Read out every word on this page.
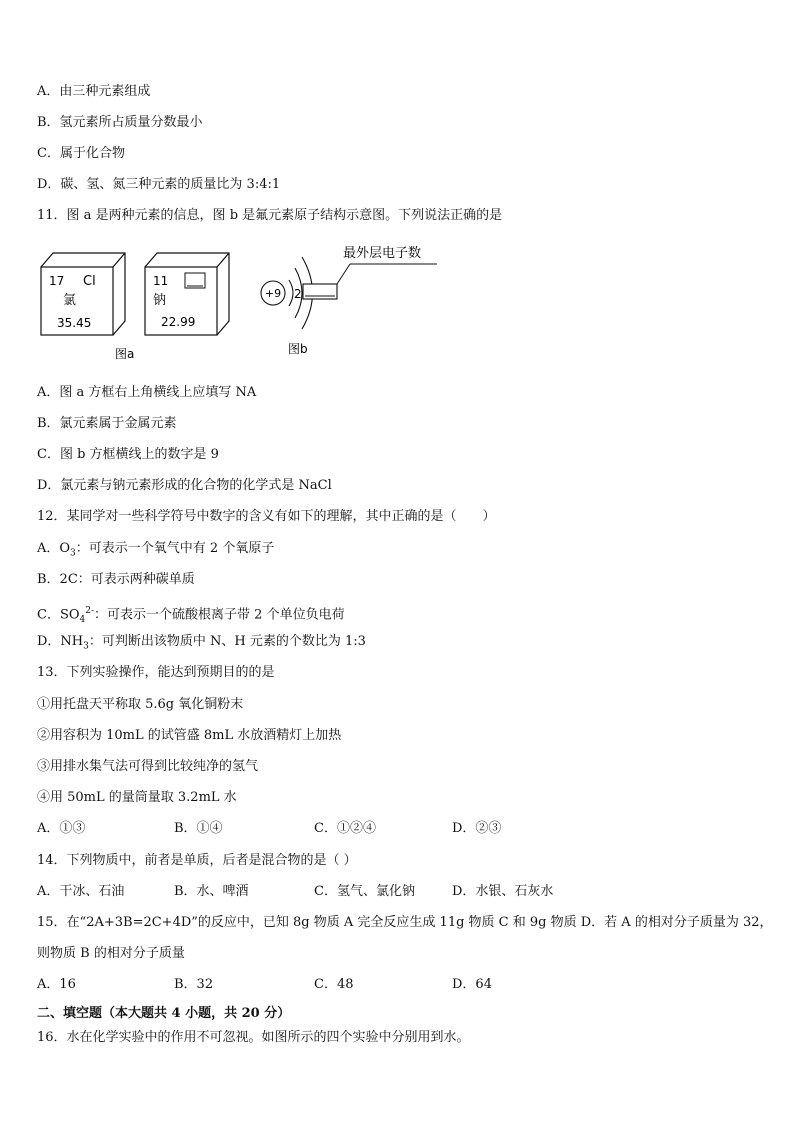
A．由三种元素组成
B．氢元素所占质量分数最小
C．属于化合物
D．碳、氢、氮三种元素的质量比为 3:4:1
11．图 a 是两种元素的信息，图 b 是氟元素原子结构示意图。下列说法正确的是
17 Cl
氯
35.45
11
钠
22.99
图a
+9 2
最外层电子数
图b
A．图 a 方框右上角横线上应填写 NA
B．氯元素属于金属元素
C．图 b 方框横线上的数字是 9
D．氯元素与钠元素形成的化合物的化学式是 NaCl
12．某同学对一些科学符号中数字的含义有如下的理解，其中正确的是（　　）
A．$O_3$：可表示一个氧气中有 2 个氧原子
B．2C：可表示两种碳单质
C．$SO_4^{2-}$：可表示一个硫酸根离子带 2 个单位负电荷
D．$NH_3$：可判断出该物质中 N、H 元素的个数比为 1:3
13．下列实验操作，能达到预期目的的是
①用托盘天平称取 5.6g 氧化铜粉末
②用容积为 10mL 的试管盛 8mL 水放酒精灯上加热
③用排水集气法可得到比较纯净的氢气
④用 50mL 的量筒量取 3.2mL 水
A．①③	B．①④	C．①②④	D．②③
14．下列物质中，前者是单质，后者是混合物的是（ ）
A．干冰、石油	B．水、啤酒	C．氢气、氯化钠	D．水银、石灰水
15．在“2A+3B=2C+4D”的反应中，已知 8g 物质 A 完全反应生成 11g 物质 C 和 9g 物质 D．若 A 的相对分子质量为 32，
则物质 B 的相对分子质量
A．16	B．32	C．48	D．64
二、填空题（本大题共 4 小题，共 20 分）
16．水在化学实验中的作用不可忽视。如图所示的四个实验中分别用到水。
